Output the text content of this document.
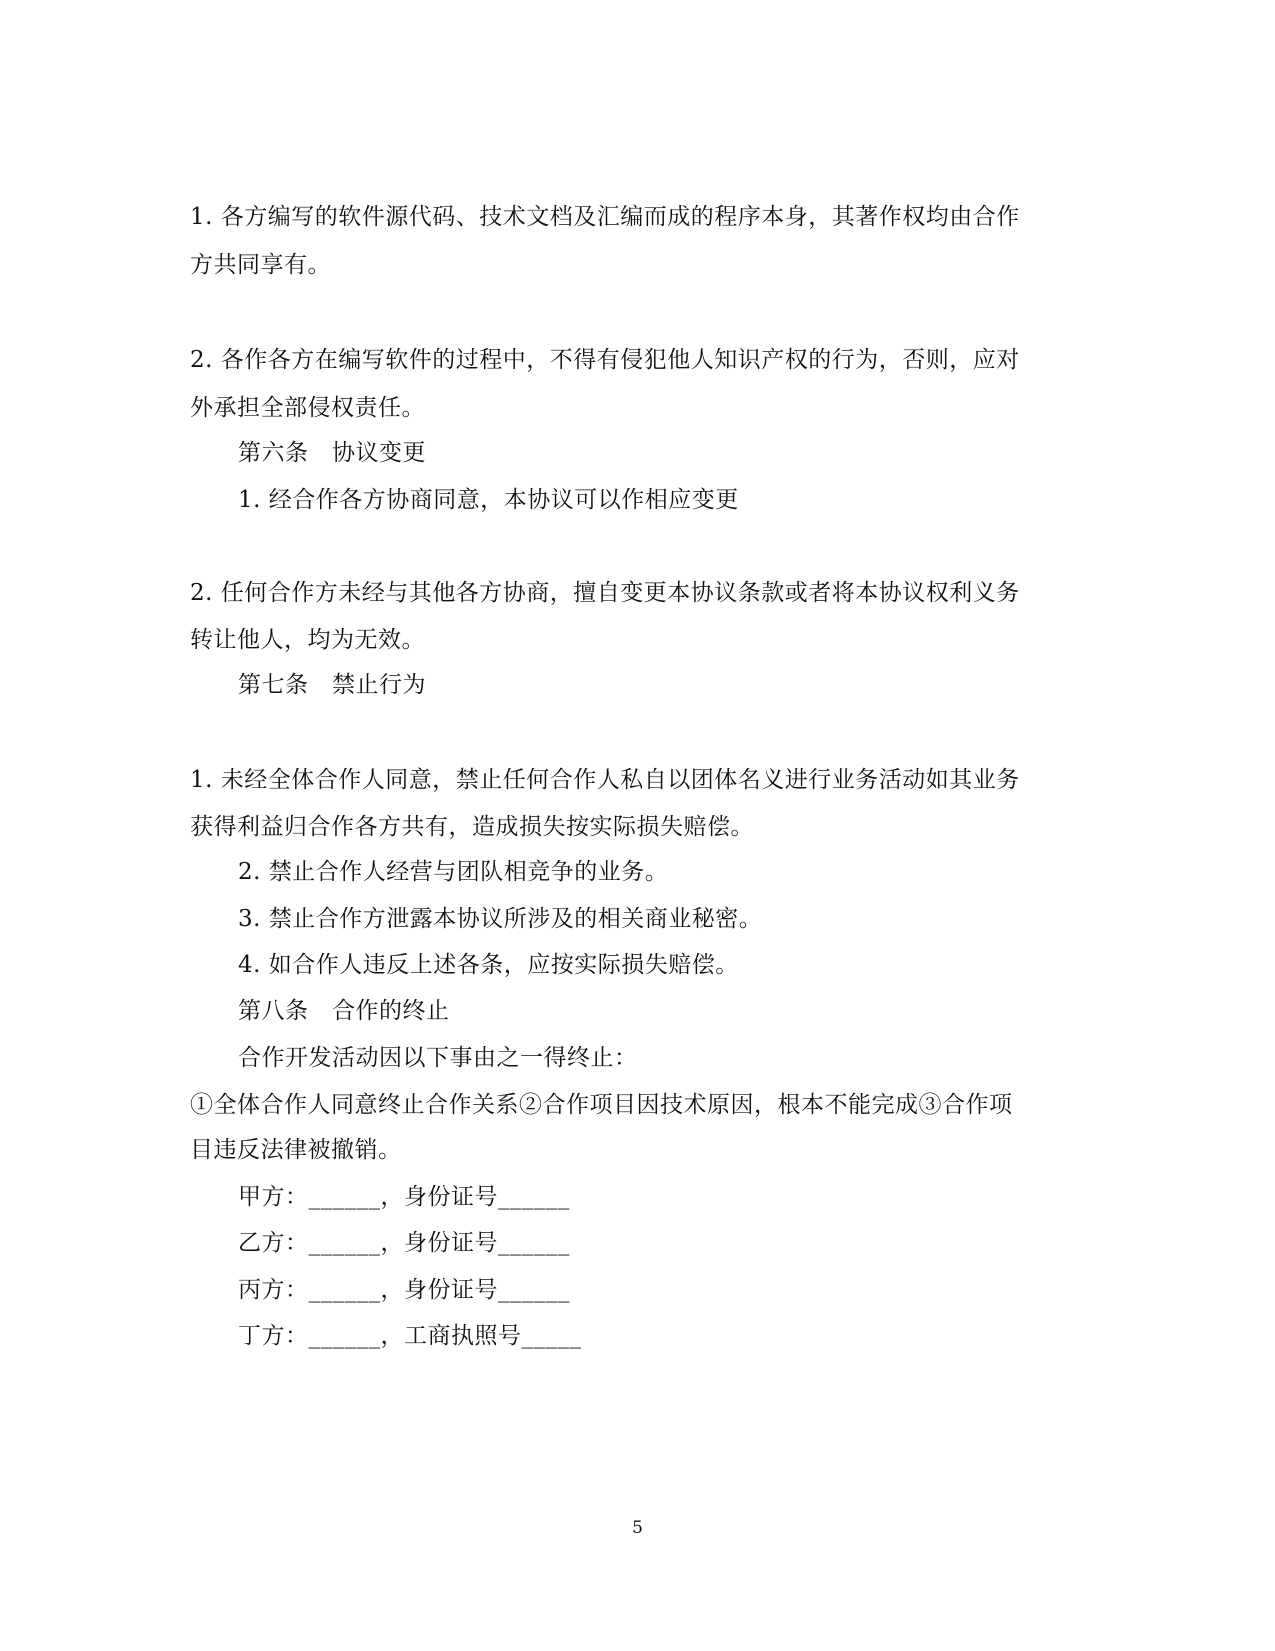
1. 各方编写的软件源代码、技术文档及汇编而成的程序本身，其著作权均由合作
方共同享有。
2. 各作各方在编写软件的过程中，不得有侵犯他人知识产权的行为，否则，应对
外承担全部侵权责任。
第六条　协议变更
1. 经合作各方协商同意，本协议可以作相应变更
2. 任何合作方未经与其他各方协商，擅自变更本协议条款或者将本协议权利义务
转让他人，均为无效。
第七条　禁止行为
1. 未经全体合作人同意，禁止任何合作人私自以团体名义进行业务活动如其业务
获得利益归合作各方共有，造成损失按实际损失赔偿。
2. 禁止合作人经营与团队相竞争的业务。
3. 禁止合作方泄露本协议所涉及的相关商业秘密。
4. 如合作人违反上述各条，应按实际损失赔偿。
第八条　合作的终止
合作开发活动因以下事由之一得终止：
①全体合作人同意终止合作关系②合作项目因技术原因，根本不能完成③合作项
目违反法律被撤销。
甲方：______，身份证号______
乙方：______，身份证号______
丙方：______，身份证号______
丁方：______，工商执照号_____
5
